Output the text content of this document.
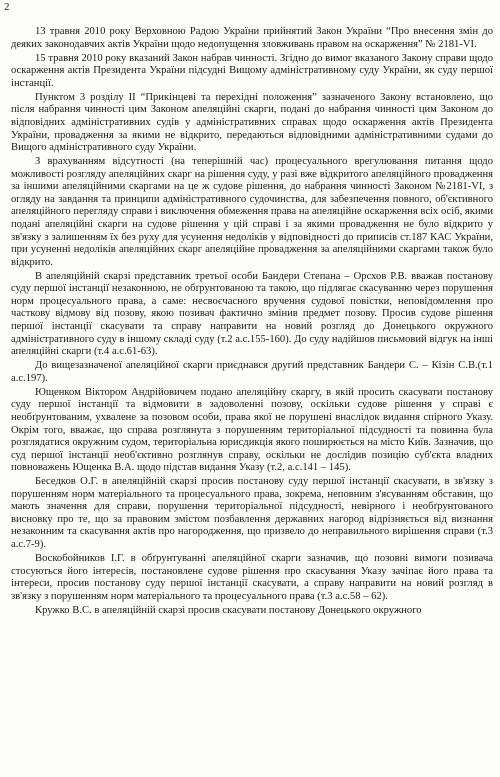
2

13 травня 2010 року Верховною Радою України прийнятий Закон України “Про внесення змін до деяких законодавчих актів України щодо недопущення зловживань правом на оскарження” № 2181-VI.

15 травня 2010 року вказаний Закон набрав чинності. Згідно до вимог вказаного Закону справи щодо оскарження актів Президента України підсудні Вищому адміністративному суду України, як суду першої інстанції.

Пунктом 3 розділу II “Прикінцеві та перехідні положення” зазначеного Закону встановлено, що після набрання чинності цим Законом апеляційні скарги, подані до набрання чинності цим Законом до відповідних адміністративних судів у адміністративних справах щодо оскарження актів Президента України, провадження за якими не відкрито, передаються відповідними адміністративними судами до Вищого адміністративного суду України.

З врахуванням відсутності (на теперішній час) процесуального врегулювання питання щодо можливості розгляду апеляційних скарг на рішення суду, у разі вже відкритого апеляційного провадження за іншими апеляційними скаргами на це ж судове рішення, до набрання чинності Законом №2181-VI, з огляду на завдання та принципи адміністративного судочинства, для забезпечення повного, об'єктивного апеляційного перегляду справи і виключення обмеження права на апеляційне оскарження всіх осіб, якими подані апеляційні скарги на судове рішення у цій справі і за якими провадження не було відкрито у зв'язку з залишенням їх без руху для усунення недоліків у відповідності до приписів ст.187 КАС України, при усуненні недоліків апеляційних скарг апеляційне провадження за апеляційними скаргами також було відкрито.

В апеляційній скарзі представник третьої особи Бандери Степана – Орсхов Р.В. вважав постанову суду першої інстанції незаконною, не обґрунтованою та такою, що підлягає скасуванню через порушення норм процесуального права, а саме: несвоєчасного вручення судової повістки, неповідомлення про часткову відмову від позову, якою позивач фактично змінив предмет позову. Просив судове рішення першої інстанції скасувати та справу направити на новий розгляд до Донецького окружного адміністративного суду в іншому складі суду (т.2 а.с.155-160). До суду надійшов письмовий відгук на інші апеляційні скарги (т.4 а.с.61-63).

До вищезазначеної апеляційної скарги приєднався другий представник Бандери С. – Кізін С.В.(т.1 а.с.197).

Ющенком Віктором Андрійовичем подано апеляційну скаргу, в якій просить скасувати постанову суду першої інстанції та відмовити в задоволенні позову, оскільки судове рішення у справі є необґрунтованим, ухвалене за позовом особи, права якої не порушені внаслідок видання спірного Указу. Окрім того, вважає, що справа розглянута з порушенням територіальної підсудності та повинна була розглядатися окружним судом, територіальна юрисдикція якого поширюється на місто Київ. Зазначив, що суд першої інстанції необ'єктивно розглянув справу, оскільки не дослідив позицію суб'єкта владних повноважень Ющенка В.А. щодо підстав видання Указу (т.2, а.с.141 – 145).

Беседков О.Г. в апеляційній скарзі просив постанову суду першої інстанції скасувати, в зв'язку з порушенням норм матеріального та процесуального права, зокрема, неповним з'ясуванням обставин, що мають значення для справи, порушення територіальної підсудності, невірного і необґрунтованого висновку про те, що за правовим змістом позбавлення державних нагород відрізняється від визнання незаконним та скасування актів про нагородження, що призвело до неправильного вирішення справи (т.3 а.с.7-9).

Воскобойников І.Г. в обґрунтуванні апеляційної скарги зазначив, що позовні вимоги позивача стосуються його інтересів, постановлене судове рішення про скасування Указу зачіпає його права та інтереси, просив постанову суду першої інстанції скасувати, а справу направити на новий розгляд в зв'язку з порушенням норм матеріального та процесуального права (т.3 а.с.58 – 62).

Кружко В.С. в апеляційній скарзі просив скасувати постанову Донецького окружного
